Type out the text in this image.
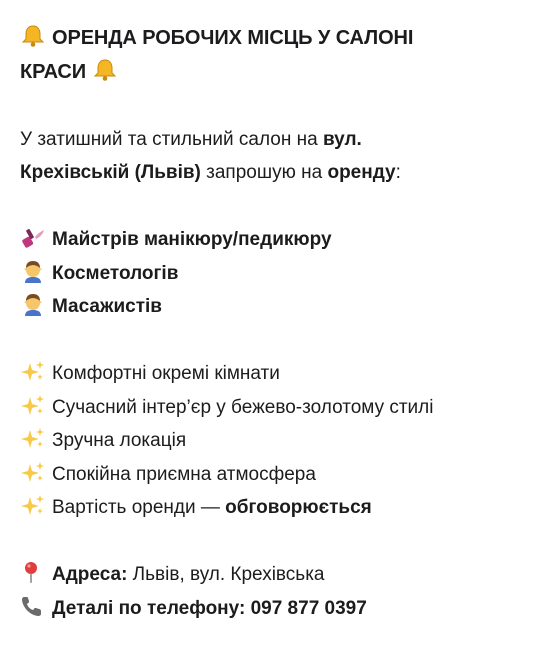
ОРЕНДА РОБОЧИХ МІСЦЬ У САЛОНІ
КРАСИ
У затишний та стильний салон на вул.
Крехівській (Львів) запрошую на оренду:
Майстрів манікюру/педикюру
Косметологів
Масажистів
Комфортні окремі кімнати
Сучасний інтер’єр у бежево-золотому стилі
Зручна локація
Спокійна приємна атмосфера
Вартість оренди — обговорюється
Адреса: Львів, вул. Крехівська
Деталі по телефону: 097 877 0397
